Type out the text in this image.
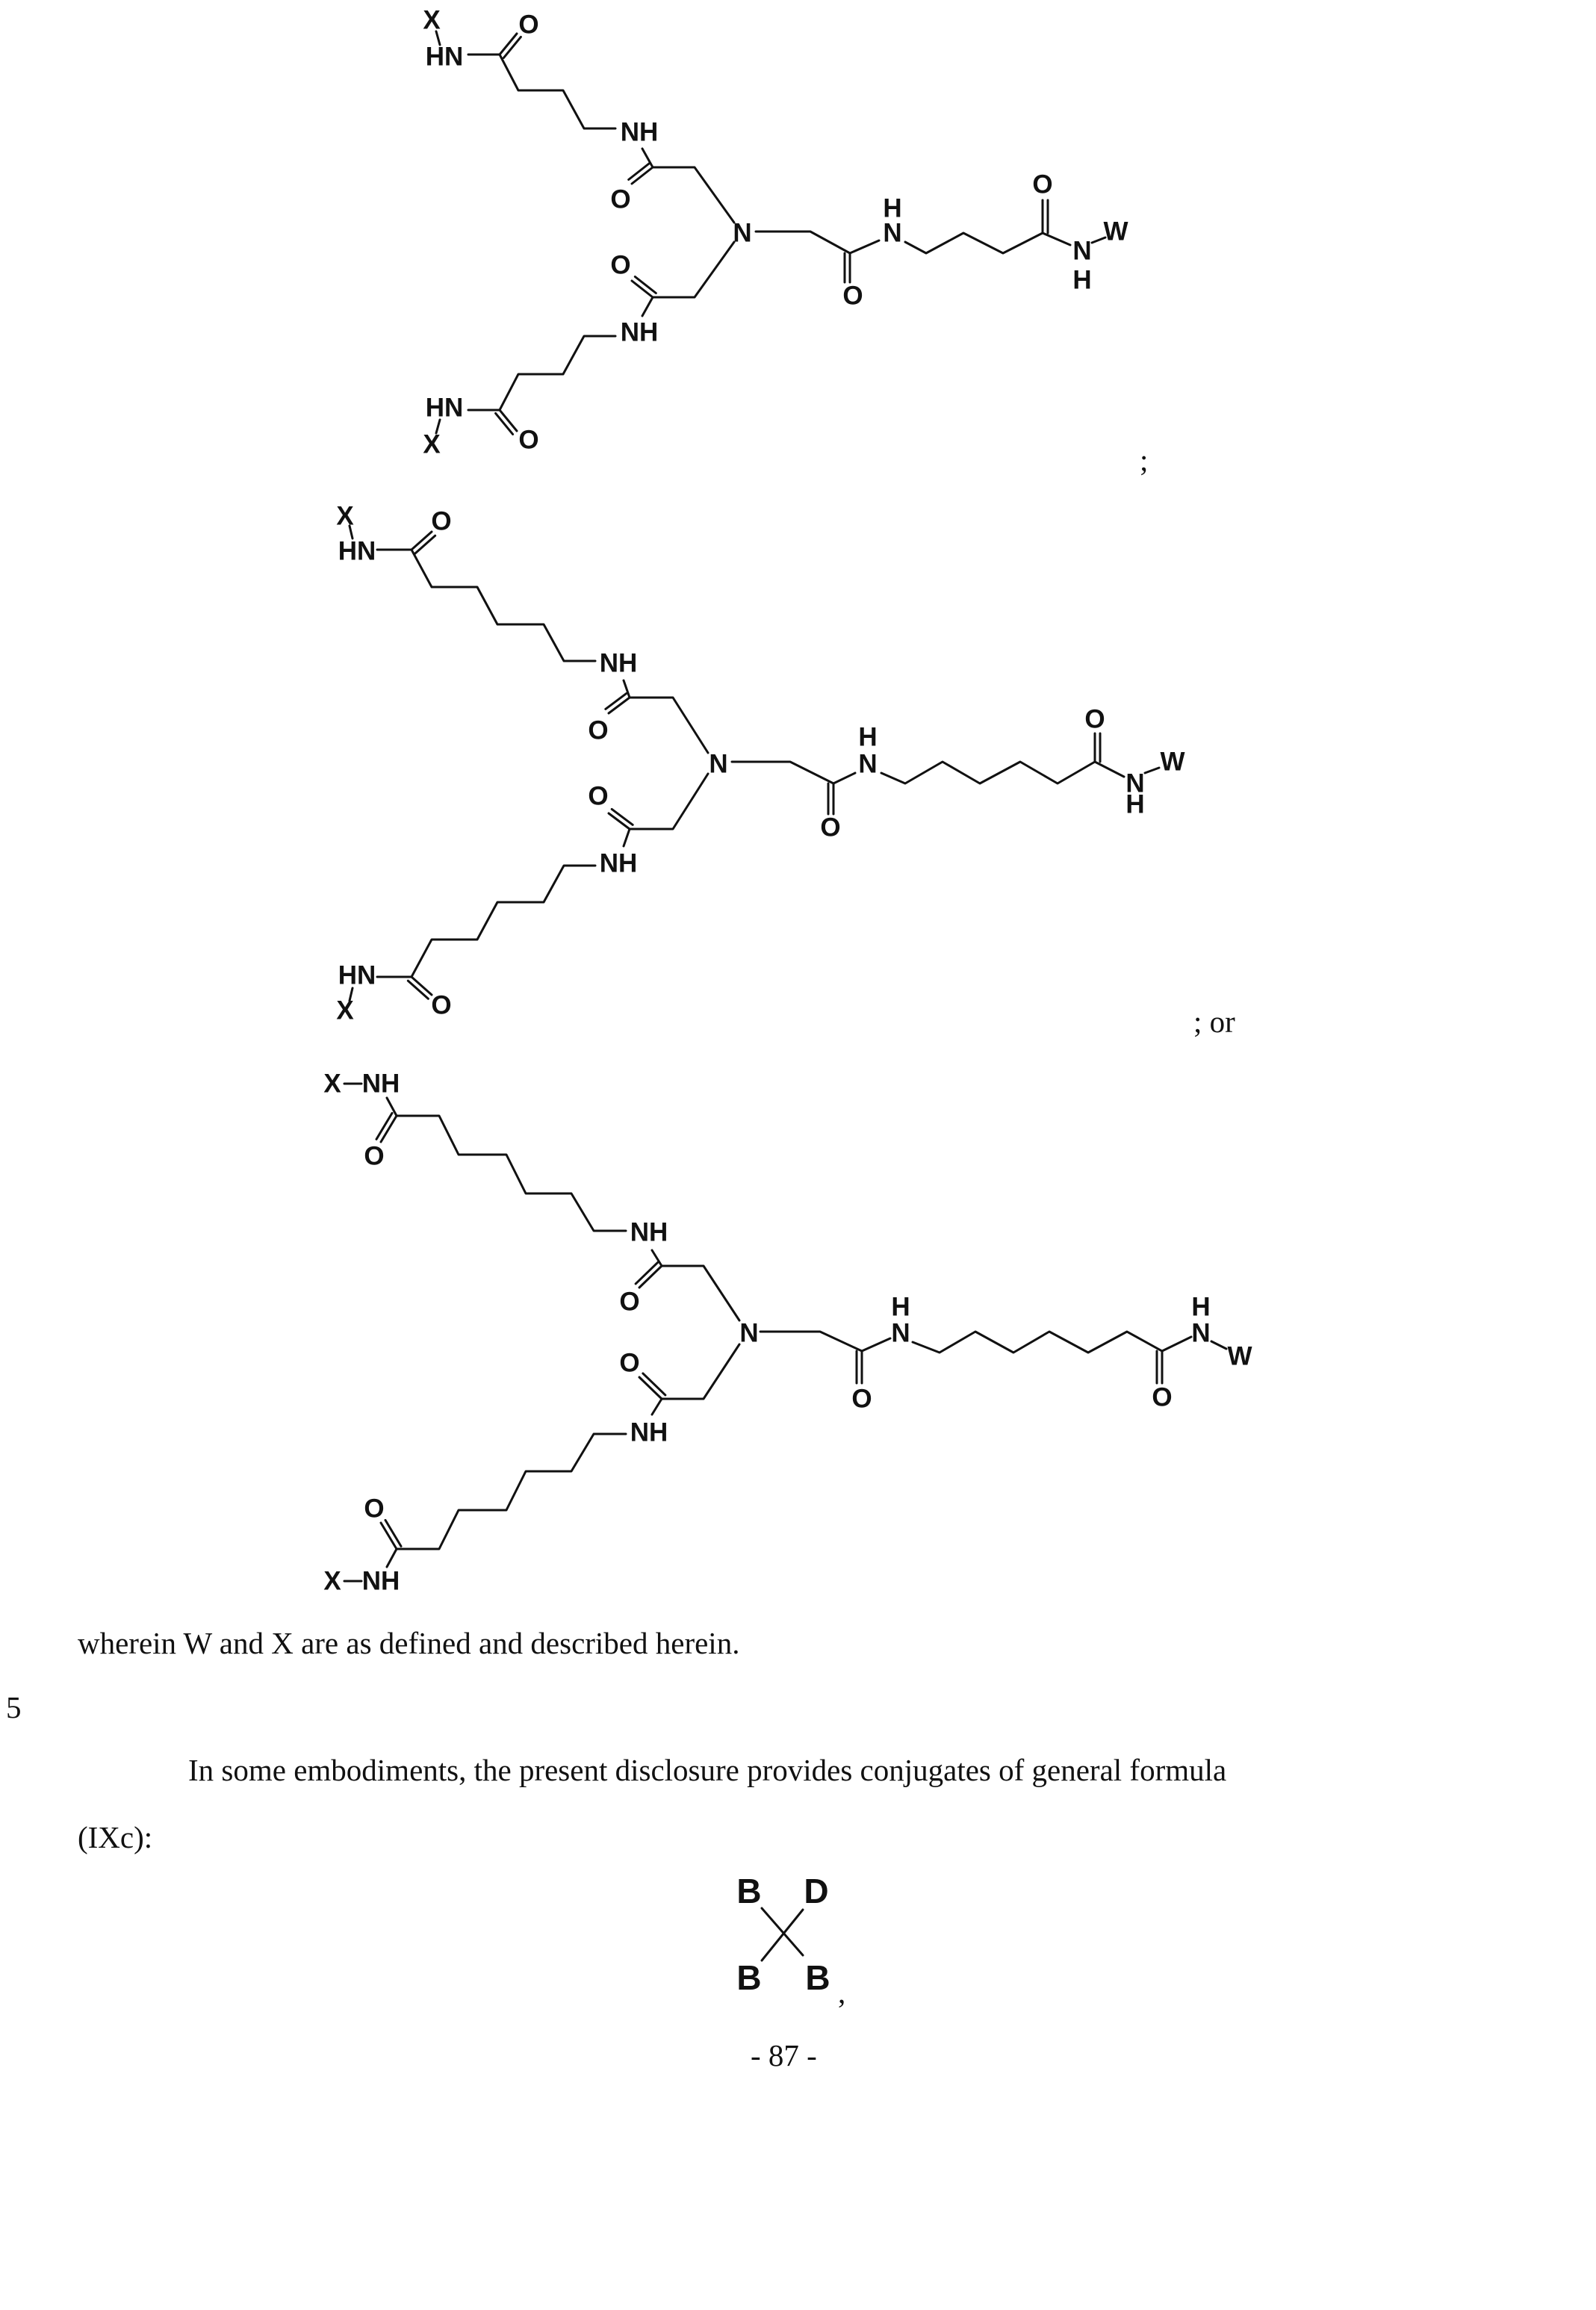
X
HN
O
NH
O
N
O
N
H
O
N
H
W
X
HN
O
NH
O
X
HN
O
NH
O
N
O
N
H
O
N
H
W
X
HN
O
NH
O
X NH
O
NH
O
N
O
N
H
O
N
H
W
X NH
O
NH
O
B D
B B
;
; or
wherein W and X are as defined and described herein.
5
In some embodiments, the present disclosure provides conjugates of general formula
(IXc):
,
- 87 -
